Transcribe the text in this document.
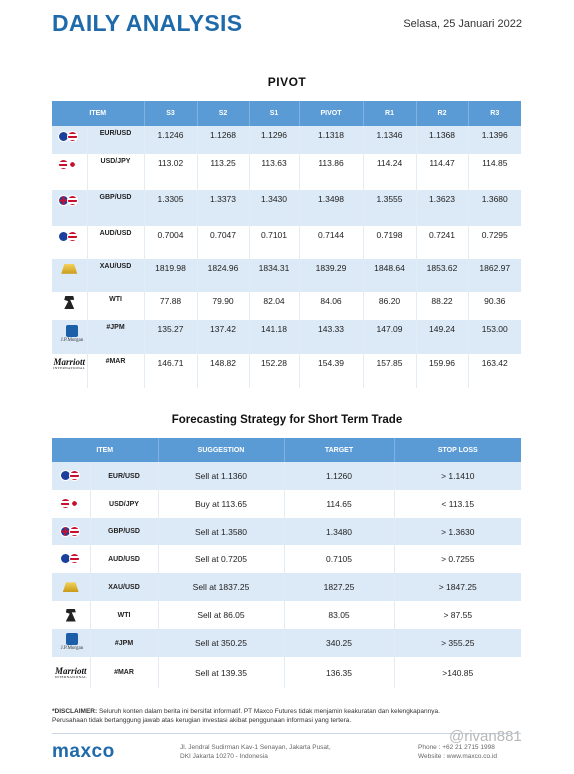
DAILY ANALYSIS	Selasa, 25 Januari 2022
PIVOT
ITEM		S3	S2	S1	PIVOT	R1	R2	R3

	EUR/USD	1.1246	1.1268	1.1296	1.1318	1.1346	1.1368	1.1396

	USD/JPY	113.02	113.25	113.63	113.86	114.24	114.47	114.85

	GBP/USD	1.3305	1.3373	1.3430	1.3498	1.3555	1.3623	1.3680

	AUD/USD	0.7004	0.7047	0.7101	0.7144	0.7198	0.7241	0.7295
	XAU/USD	1819.98	1824.96	1834.31	1839.29	1848.64	1853.62	1862.97
	WTI	77.88	79.90	82.04	84.06	86.20	88.22	90.36

J.P.Morgan	#JPM	135.27	137.42	141.18	143.33	147.09	149.24	153.00
Marriott
INTERNATIONAL	#MAR	146.71	148.82	152.28	154.39	157.85	159.96	163.42
Forecasting Strategy for Short Term Trade
ITEM		SUGGESTION	TARGET	STOP LOSS

	EUR/USD	Sell at 1.1360	1.1260	> 1.1410

	USD/JPY	Buy at 113.65	114.65	< 113.15

	GBP/USD	Sell at 1.3580	1.3480	> 1.3630

	AUD/USD	Sell at 0.7205	0.7105	> 0.7255
	XAU/USD	Sell at 1837.25	1827.25	> 1847.25
	WTI	Sell at 86.05	83.05	> 87.55

J.P.Morgan	#JPM	Sell at 350.25	340.25	> 355.25
Marriott
INTERNATIONAL	#MAR	Sell at 139.35	136.35	>140.85
*DISCLAIMER: Seluruh konten dalam berita ini bersifat informatif. PT Maxco Futures tidak menjamin keakuratan dan kelengkapannya.
Perusahaan tidak bertanggung jawab atas kerugian investasi akibat penggunaan informasi yang tertera.
maxco	Jl. Jendral Sudirman Kav-1 Senayan, Jakarta Pusat,
DKI Jakarta 10270 - Indonesia
Phone : +62 21 2715 1998
Website : www.maxco.co.id
@rivan881
